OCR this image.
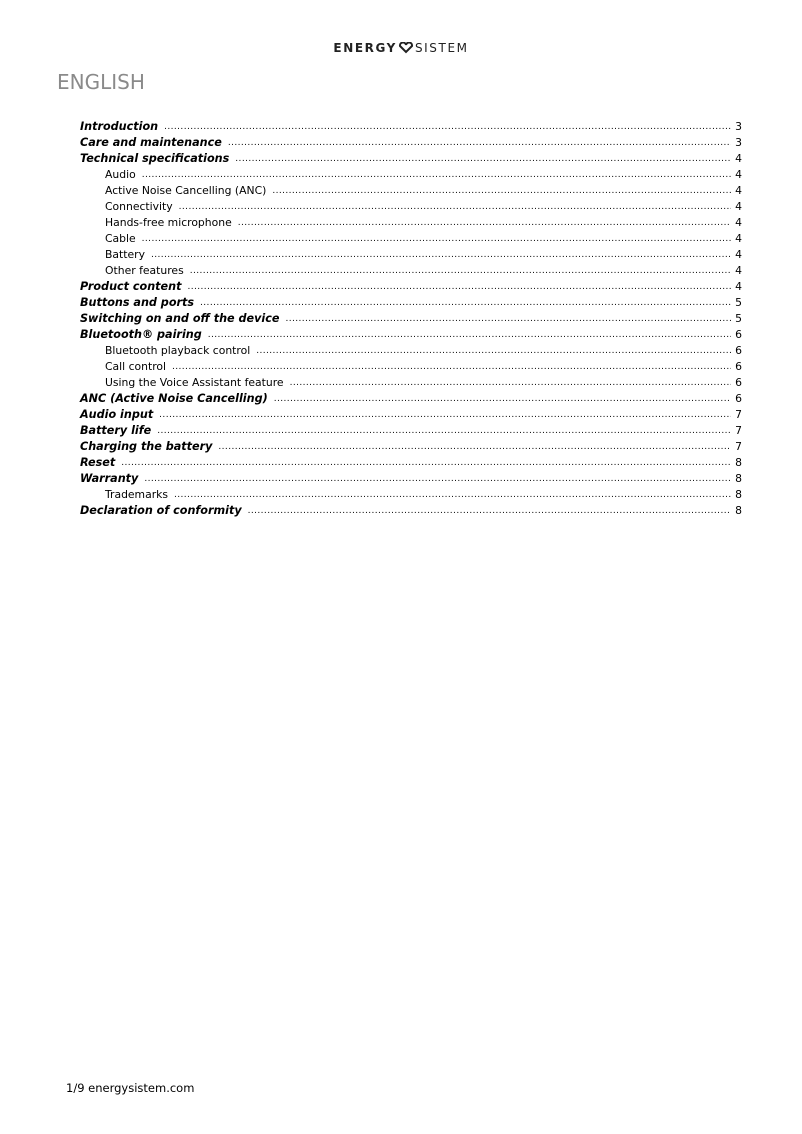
ENERGY SISTEM
ENGLISH
Introduction .....	3
Care and maintenance .....	3
Technical specifications .....	4
Audio .....	4
Active Noise Cancelling (ANC) .....	4
Connectivity .....	4
Hands-free microphone .....	4
Cable .....	4
Battery .....	4
Other features .....	4
Product content .....	4
Buttons and ports .....	5
Switching on and off the device .....	5
Bluetooth® pairing .....	6
Bluetooth playback control .....	6
Call control .....	6
Using the Voice Assistant feature .....	6
ANC (Active Noise Cancelling) .....	6
Audio input .....	7
Battery life .....	7
Charging the battery .....	7
Reset .....	8
Warranty .....	8
Trademarks .....	8
Declaration of conformity .....	8
1/9 energysistem.com
